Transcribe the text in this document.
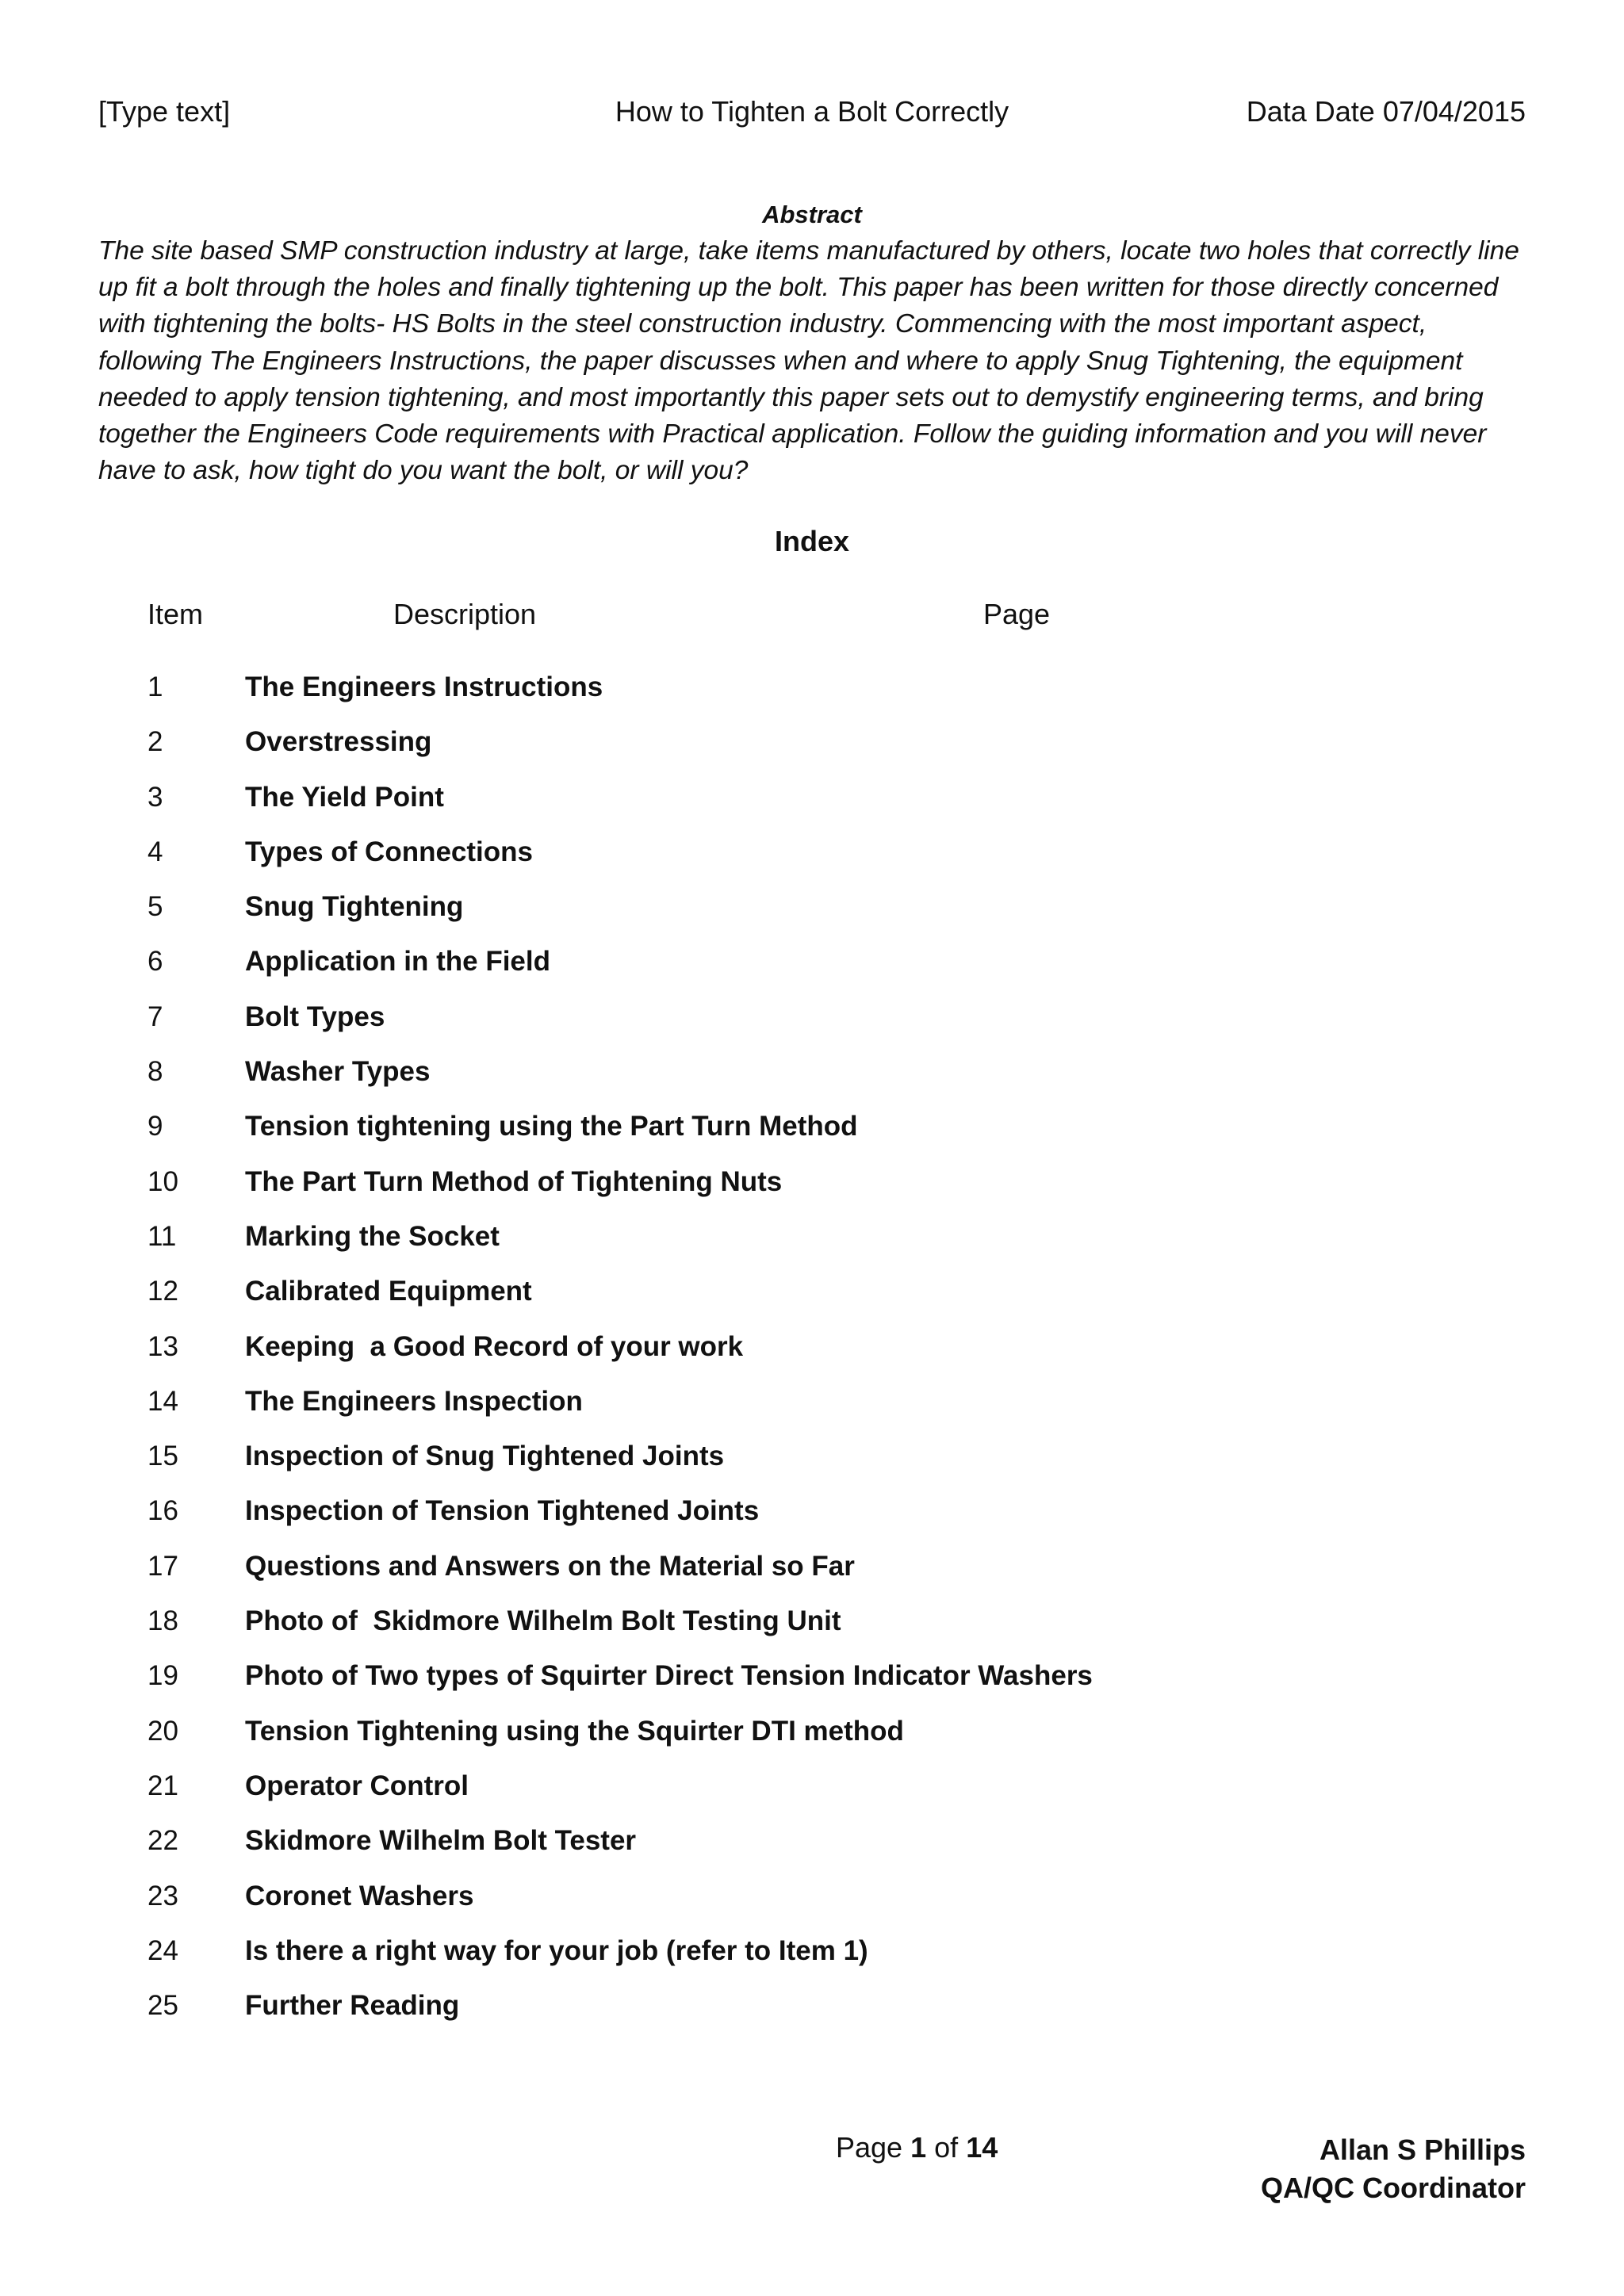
[Type text]	How to Tighten a Bolt Correctly	Data Date 07/04/2015
Abstract

The site based SMP construction industry at large, take items manufactured by others, locate two holes that correctly line up fit a bolt through the holes and finally tightening up the bolt. This paper has been written for those directly concerned with tightening the bolts- HS Bolts in the steel construction industry. Commencing with the most important aspect, following The Engineers Instructions, the paper discusses when and where to apply Snug Tightening, the equipment needed to apply tension tightening, and most importantly this paper sets out to demystify engineering terms, and bring together the Engineers Code requirements with Practical application. Follow the guiding information and you will never have to ask, how tight do you want the bolt, or will you?

Index
Item	Description	Page
1	The Engineers Instructions
2	Overstressing
3	The Yield Point
4	Types of Connections
5	Snug Tightening
6	Application in the Field
7	Bolt Types
8	Washer Types
9	Tension tightening using the Part Turn Method
10 The Part Turn Method of Tightening Nuts
11 Marking the Socket
12 Calibrated Equipment
13 Keeping  a Good Record of your work
14 The Engineers Inspection
15 Inspection of Snug Tightened Joints
16 Inspection of Tension Tightened Joints
17 Questions and Answers on the Material so Far
18 Photo of  Skidmore Wilhelm Bolt Testing Unit
19 Photo of Two types of Squirter Direct Tension Indicator Washers
20 Tension Tightening using the Squirter DTI method
21 Operator Control
22 Skidmore Wilhelm Bolt Tester
23 Coronet Washers
24 Is there a right way for your job (refer to Item 1)
25 Further Reading
Page 1 of 14	Allan S Phillips
QA/QC Coordinator
